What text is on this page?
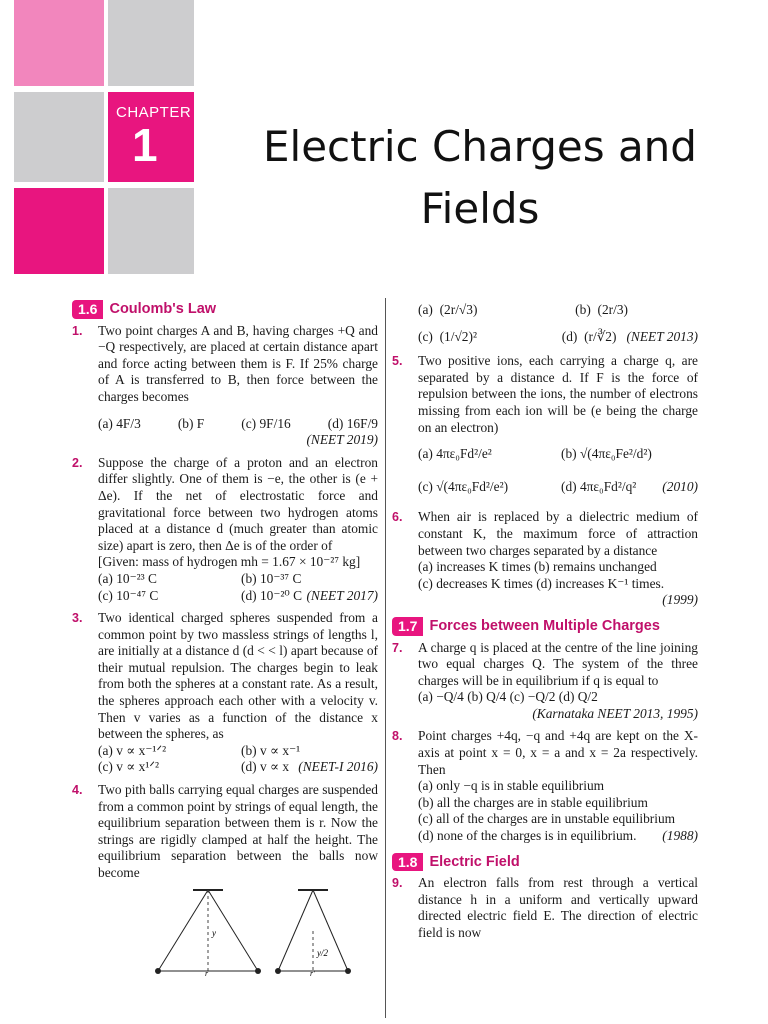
CHAPTER
1	Electric Charges and
Fields
1.6 Coulomb's Law
1.	Two point charges A and B, having charges +Q and −Q respectively, are placed at certain distance apart and force acting between them is F. If 25% charge of A is transferred to B, then force between the charges becomes
(a) 4F/3	(b) F	(c) 9F/16	(d) 16F/9
(NEET 2019)
2.	Suppose the charge of a proton and an electron differ slightly. One of them is −e, the other is (e + Δe). If the net of electrostatic force and gravitational force between two hydrogen atoms placed at a distance d (much greater than atomic size) apart is zero, then Δe is of the order of
[Given: mass of hydrogen mh = 1.67 × 10⁻²⁷ kg]
(a) 10⁻²³ C	(b) 10⁻³⁷ C
(c) 10⁻⁴⁷ C	(d) 10⁻²⁰ C (NEET 2017)
3.	Two identical charged spheres suspended from a common point by two massless strings of lengths l, are initially at a distance d (d < < l) apart because of their mutual repulsion. The charges begin to leak from both the spheres at a constant rate. As a result, the spheres approach each other with a velocity v. Then v varies as a function of the distance x between the spheres, as
(a) v ∝ x⁻¹ᐟ²	(b) v ∝ x⁻¹
(c) v ∝ x¹ᐟ²	(d) v ∝ x (NEET-I 2016)
4.	Two pith balls carrying equal charges are suspended from a common point by strings of equal length, the equilibrium separation between them is r. Now the strings are rigidly clamped at half the height. The equilibrium separation between the balls now become
y
r
y/2
r'
(a) (2r/√3)	(b) (2r/3)
(c) (1/√2)²	(d) (r/∛2) (NEET 2013)
5.	Two positive ions, each carrying a charge q, are separated by a distance d. If F is the force of repulsion between the ions, the number of electrons missing from each ion will be (e being the charge on an electron)
(a) 4πε₀Fd²/e²	(b) √(4πε₀Fe²/d²)
(c) √(4πε₀Fd²/e²)	(d) 4πε₀Fd²/q² (2010)
6.	When air is replaced by a dielectric medium of constant K, the maximum force of attraction between two charges separated by a distance
(a) increases K times (b) remains unchanged
(c) decreases K times (d) increases K⁻¹ times.
(1999)
1.7 Forces between Multiple Charges
7.	A charge q is placed at the centre of the line joining two equal charges Q. The system of the three charges will be in equilibrium if q is equal to
(a) −Q/4 (b) Q/4 (c) −Q/2 (d) Q/2
(Karnataka NEET 2013, 1995)
8.	Point charges +4q, −q and +4q are kept on the X-axis at point x = 0, x = a and x = 2a respectively. Then
(a) only −q is in stable equilibrium
(b) all the charges are in stable equilibrium
(c) all of the charges are in unstable equilibrium
(d) none of the charges is in equilibrium. (1988)
1.8 Electric Field
9.	An electron falls from rest through a vertical distance h in a uniform and vertically upward directed electric field E. The direction of electric field is now
